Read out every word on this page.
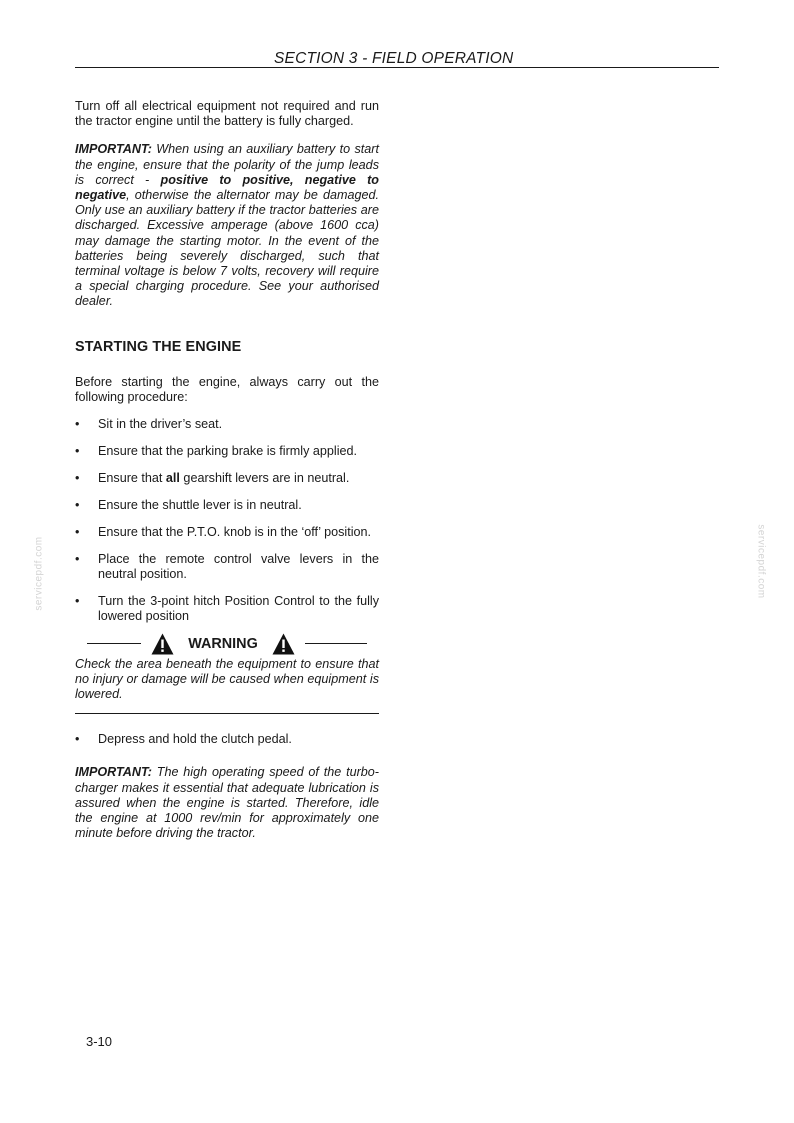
SECTION 3 - FIELD OPERATION
servicepdf.com	servicepdf.com

Turn off all electrical equipment not required and run the tractor engine until the battery is fully charged.

IMPORTANT: When using an auxiliary battery to start the engine, ensure that the polarity of the jump leads is correct - positive to positive, negative to negative, otherwise the alternator may be damaged. Only use an auxiliary battery if the tractor batteries are discharged. Excessive amperage (above 1600 cca) may damage the starting motor. In the event of the batteries being severely discharged, such that terminal voltage is below 7 volts, recovery will require a special charging procedure. See your authorised dealer.

STARTING THE ENGINE

Before starting the engine, always carry out the following procedure:

• Sit in the driver’s seat.
• Ensure that the parking brake is firmly applied.
• Ensure that all gearshift levers are in neutral.
• Ensure the shuttle lever is in neutral.
• Ensure that the P.T.O. knob is in the ‘off’ position.
• Place the remote control valve levers in the neutral position.
• Turn the 3-point hitch Position Control to the fully lowered position
WARNING

Check the area beneath the equipment to ensure that no injury or damage will be caused when equipment is lowered.

• Depress and hold the clutch pedal.

IMPORTANT: The high operating speed of the turbo-charger makes it essential that adequate lubrication is assured when the engine is started. Therefore, idle the engine at 1000 rev/min for approximately one minute before driving the tractor.

3-10
